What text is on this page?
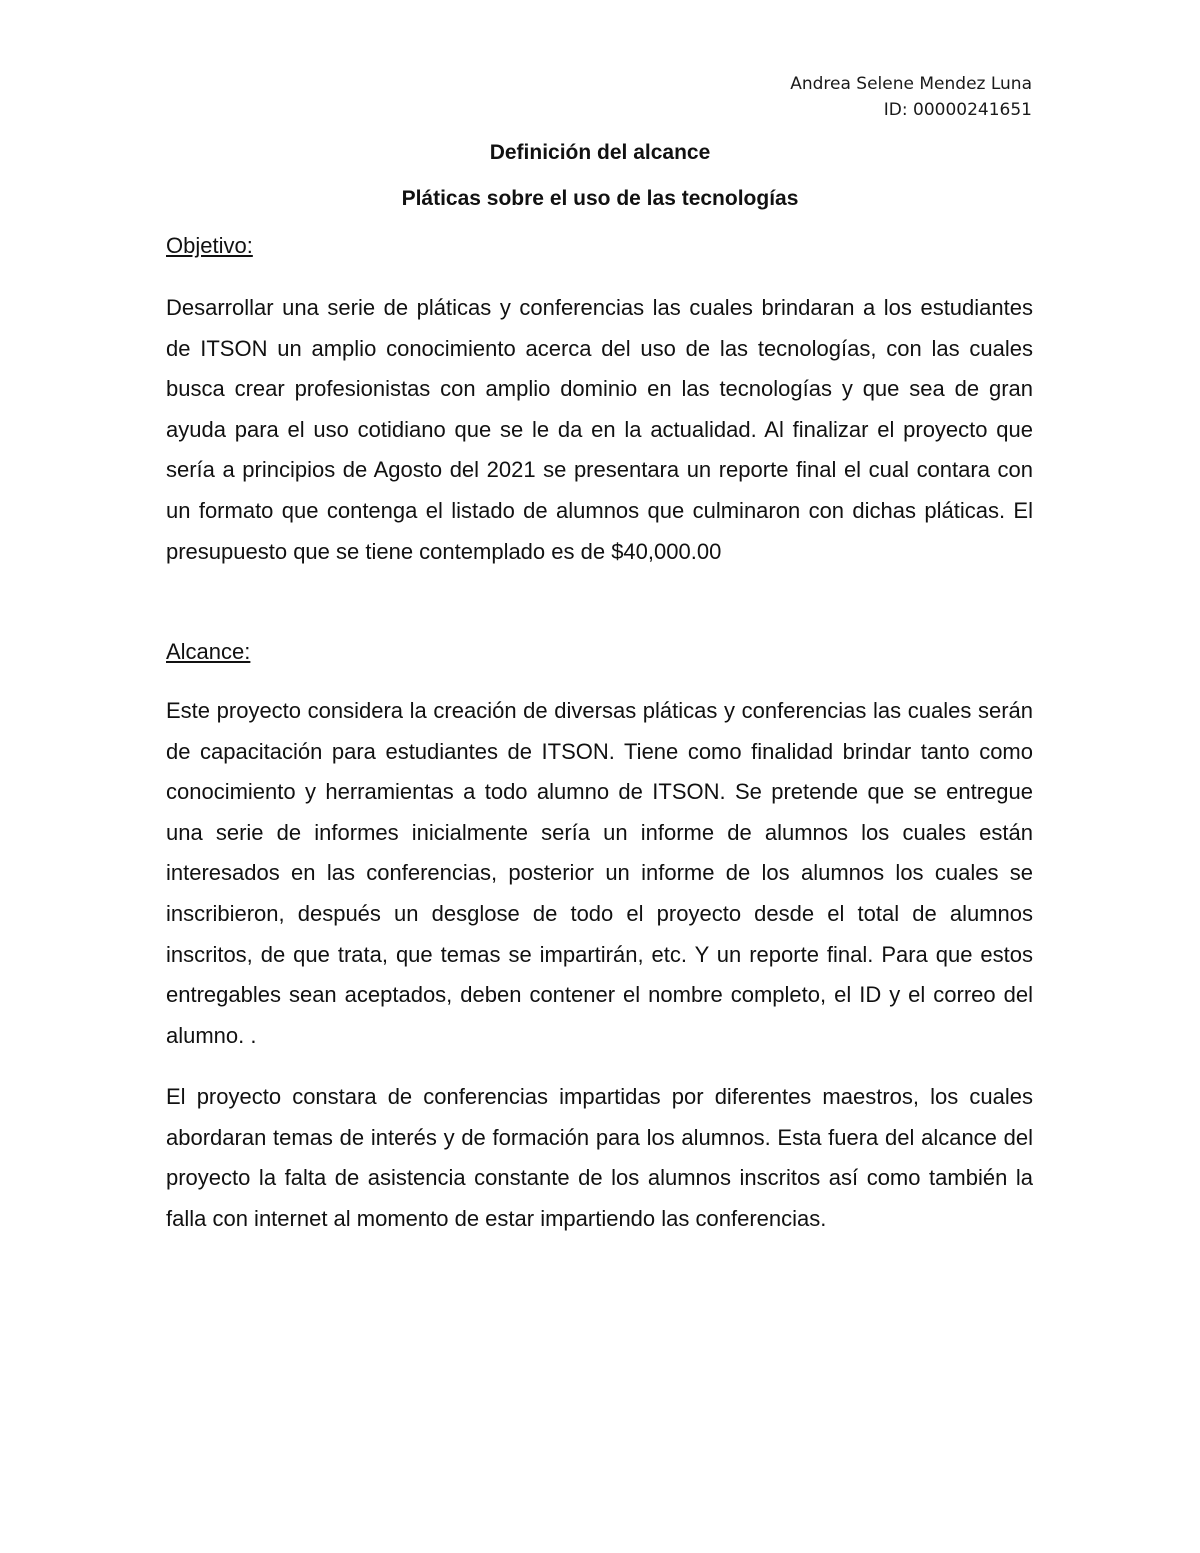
Andrea Selene Mendez Luna
ID: 00000241651
Definición del alcance
Pláticas sobre el uso de las tecnologías
Objetivo:
Desarrollar una serie de pláticas y conferencias las cuales brindaran a los estudiantes de ITSON un amplio conocimiento acerca del uso de las tecnologías, con las cuales busca crear profesionistas con amplio dominio en las tecnologías y que sea de gran ayuda para el uso cotidiano que se le da en la actualidad. Al finalizar el proyecto que sería a principios de Agosto del 2021 se presentara un reporte final el cual contara con un formato que contenga el listado de alumnos que culminaron con dichas pláticas. El presupuesto que se tiene contemplado es de $40,000.00
Alcance:
Este proyecto considera la creación de diversas pláticas y conferencias las cuales serán de capacitación para estudiantes de ITSON. Tiene como finalidad brindar tanto como conocimiento y herramientas a todo alumno de ITSON. Se pretende que se entregue una serie de informes inicialmente sería un informe de alumnos los cuales están interesados en las conferencias, posterior un informe de los alumnos los cuales se inscribieron, después un desglose de todo el proyecto desde el total de alumnos inscritos, de que trata, que temas se impartirán, etc. Y un reporte final. Para que estos entregables sean aceptados, deben contener el nombre completo, el ID y el correo del alumno. .
El proyecto constara de conferencias impartidas por diferentes maestros, los cuales abordaran temas de interés y de formación para los alumnos. Esta fuera del alcance del proyecto la falta de asistencia constante de los alumnos inscritos así como también la falla con internet al momento de estar impartiendo las conferencias.
